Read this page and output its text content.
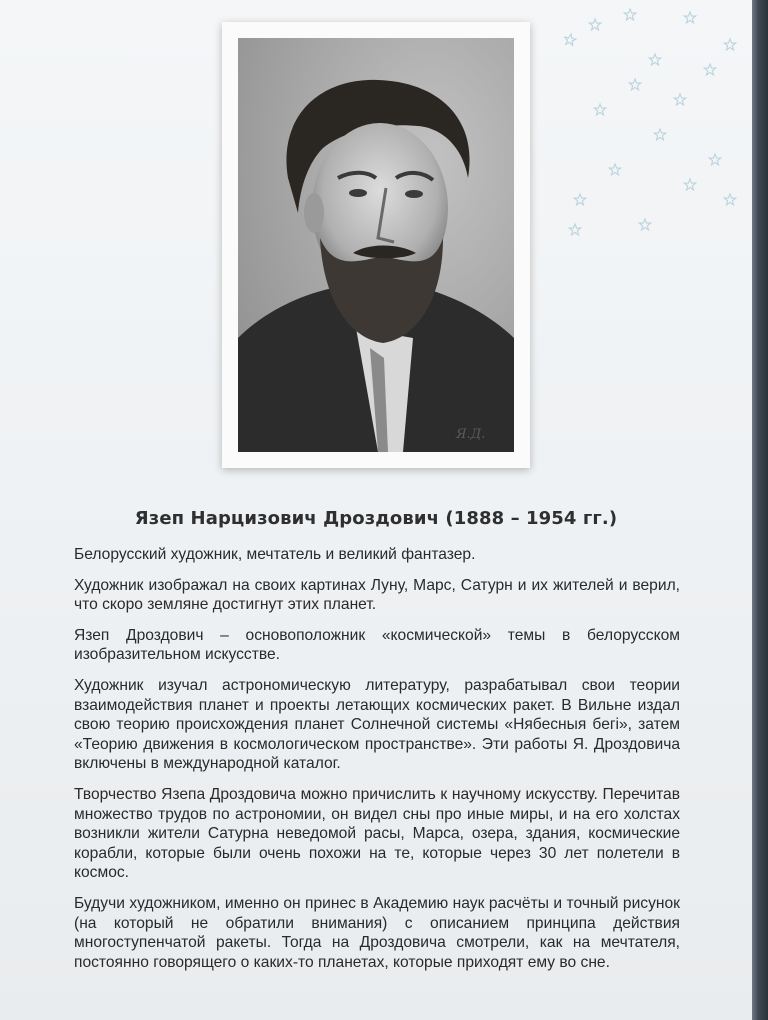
Я.Д.
Язеп Нарцизович Дроздович (1888 – 1954 гг.)

Белорусский художник, мечтатель и великий фантазер.

Художник изображал на своих картинах Луну, Марс, Сатурн и их жителей и верил, что скоро земляне достигнут этих планет.

Язеп Дроздович – основоположник «космической» темы в белорусском изобразительном искусстве.

Художник изучал астрономическую литературу, разрабатывал свои теории взаимодействия планет и проекты летающих космических ракет. В Вильне издал свою теорию происхождения планет Солнечной системы «Нябесныя бегі», затем «Теорию движения в космологическом пространстве». Эти работы Я. Дроздовича включены в международной каталог.

Творчество Язепа Дроздовича можно причислить к научному искусству. Перечитав множество трудов по астрономии, он видел сны про иные миры, и на его холстах возникли жители Сатурна неведомой расы, Марса, озера, здания, космические корабли, которые были очень похожи на те, которые через 30 лет полетели в космос.

Будучи художником, именно он принес в Академию наук расчёты и точный рисунок (на который не обратили внимания) с описанием принципа действия многоступенчатой ракеты. Тогда на Дроздовича смотрели, как на мечтателя, постоянно говорящего о каких-то планетах, которые приходят ему во сне.
